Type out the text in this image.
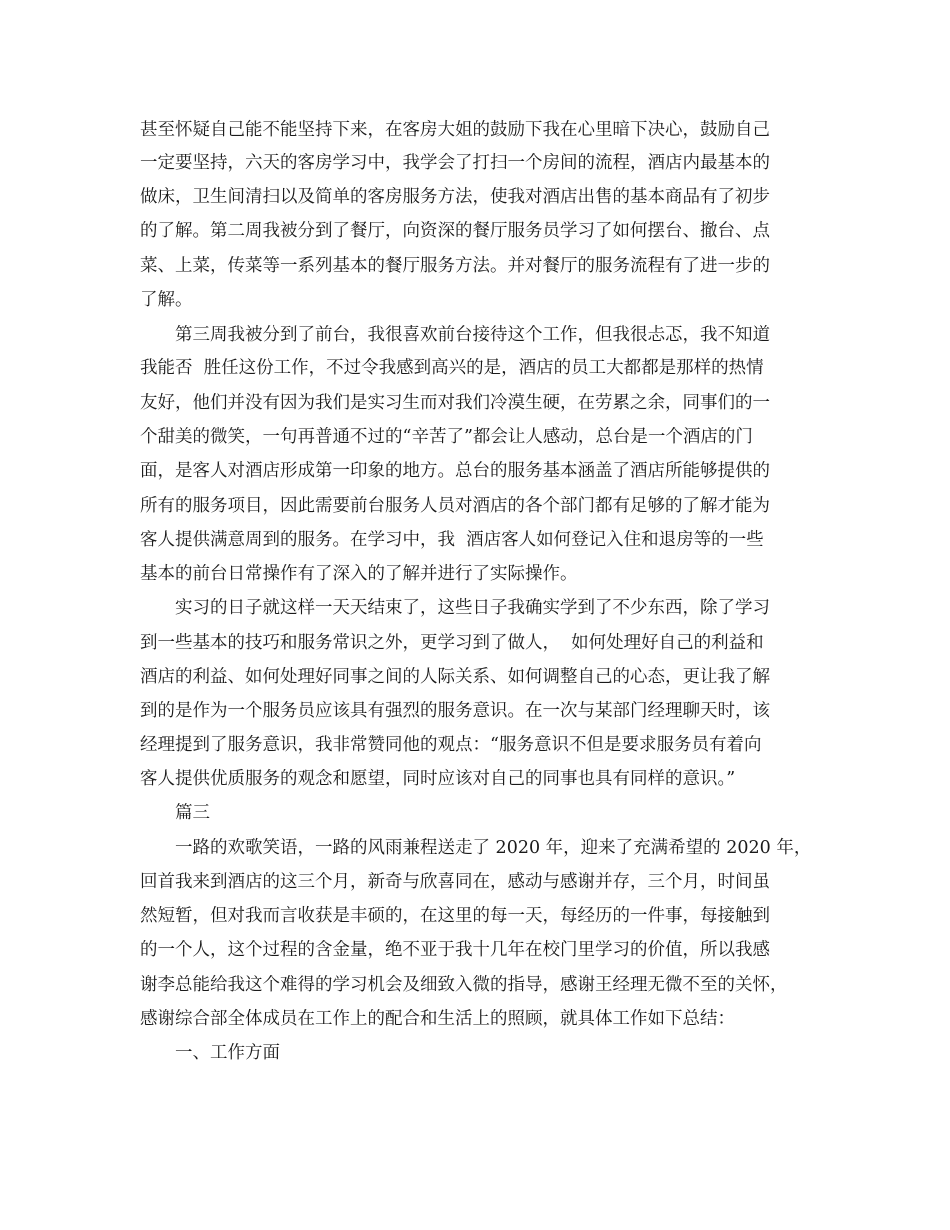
甚至怀疑自己能不能坚持下来，在客房大姐的鼓励下我在心里暗下决心，鼓励自己

一定要坚持，六天的客房学习中，我学会了打扫一个房间的流程，酒店内最基本的

做床，卫生间清扫以及简单的客房服务方法，使我对酒店出售的基本商品有了初步

的了解。第二周我被分到了餐厅，向资深的餐厅服务员学习了如何摆台、撤台、点

菜、上菜，传菜等一系列基本的餐厅服务方法。并对餐厅的服务流程有了进一步的

了解。

第三周我被分到了前台，我很喜欢前台接待这个工作，但我很忐忑，我不知道

我能否  胜任这份工作，不过令我感到高兴的是，酒店的员工大都都是那样的热情

友好，他们并没有因为我们是实习生而对我们冷漠生硬，在劳累之余，同事们的一

个甜美的微笑，一句再普通不过的“辛苦了”都会让人感动，总台是一个酒店的门

面，是客人对酒店形成第一印象的地方。总台的服务基本涵盖了酒店所能够提供的

所有的服务项目，因此需要前台服务人员对酒店的各个部门都有足够的了解才能为

客人提供满意周到的服务。在学习中，我  酒店客人如何登记入住和退房等的一些

基本的前台日常操作有了深入的了解并进行了实际操作。

实习的日子就这样一天天结束了，这些日子我确实学到了不少东西，除了学习

到一些基本的技巧和服务常识之外，更学习到了做人，  如何处理好自己的利益和

酒店的利益、如何处理好同事之间的人际关系、如何调整自己的心态，更让我了解

到的是作为一个服务员应该具有强烈的服务意识。在一次与某部门经理聊天时，该

经理提到了服务意识，我非常赞同他的观点：“服务意识不但是要求服务员有着向

客人提供优质服务的观念和愿望，同时应该对自己的同事也具有同样的意识。”

篇三

一路的欢歌笑语，一路的风雨兼程送走了 2020 年，迎来了充满希望的 2020 年，

回首我来到酒店的这三个月，新奇与欣喜同在，感动与感谢并存，三个月，时间虽

然短暂，但对我而言收获是丰硕的，在这里的每一天，每经历的一件事，每接触到

的一个人，这个过程的含金量，绝不亚于我十几年在校门里学习的价值，所以我感

谢李总能给我这个难得的学习机会及细致入微的指导，感谢王经理无微不至的关怀，

感谢综合部全体成员在工作上的配合和生活上的照顾，就具体工作如下总结：

一、工作方面
